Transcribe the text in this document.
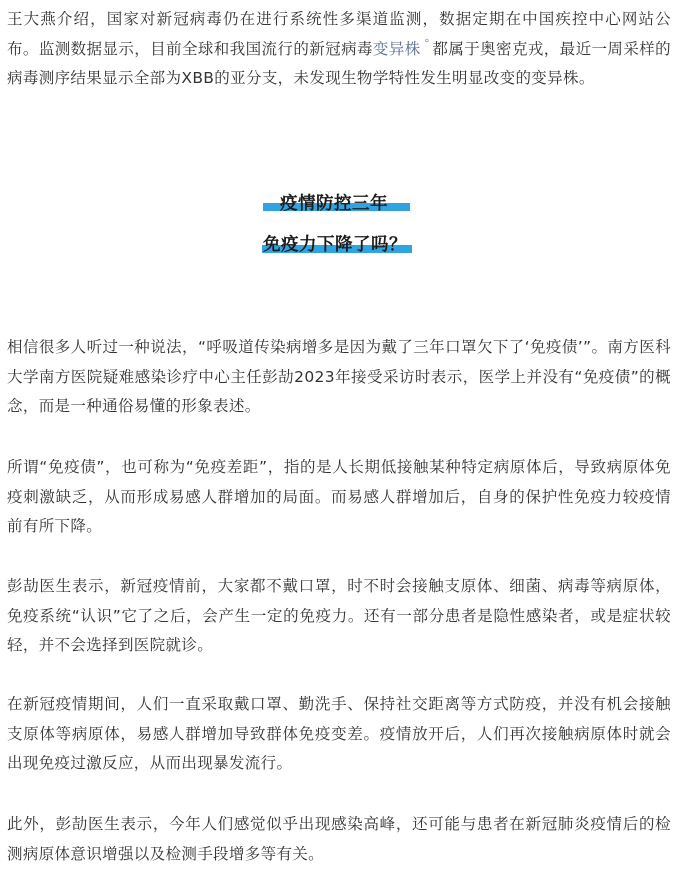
王大燕介绍，国家对新冠病毒仍在进行系统性多渠道监测，数据定期在中国疾控中心网站公布。监测数据显示，目前全球和我国流行的新冠病毒变异株 ⚬都属于奥密克戎，最近一周采样的病毒测序结果显示全部为XBB的亚分支，未发现生物学特性发生明显改变的变异株。

疫情防控三年
免疫力下降了吗？

相信很多人听过一种说法，“呼吸道传染病增多是因为戴了三年口罩欠下了‘免疫债’”。南方医科大学南方医院疑难感染诊疗中心主任彭劼2023年接受采访时表示，医学上并没有“免疫债”的概念，而是一种通俗易懂的形象表述。

所谓“免疫债”，也可称为“免疫差距”，指的是人长期低接触某种特定病原体后，导致病原体免疫刺激缺乏，从而形成易感人群增加的局面。而易感人群增加后，自身的保护性免疫力较疫情前有所下降。

彭劼医生表示，新冠疫情前，大家都不戴口罩，时不时会接触支原体、细菌、病毒等病原体，免疫系统“认识”它了之后，会产生一定的免疫力。还有一部分患者是隐性感染者，或是症状较轻，并不会选择到医院就诊。

在新冠疫情期间，人们一直采取戴口罩、勤洗手、保持社交距离等方式防疫，并没有机会接触支原体等病原体，易感人群增加导致群体免疫变差。疫情放开后，人们再次接触病原体时就会出现免疫过激反应，从而出现暴发流行。

此外，彭劼医生表示，今年人们感觉似乎出现感染高峰，还可能与患者在新冠肺炎疫情后的检测病原体意识增强以及检测手段增多等有关。
